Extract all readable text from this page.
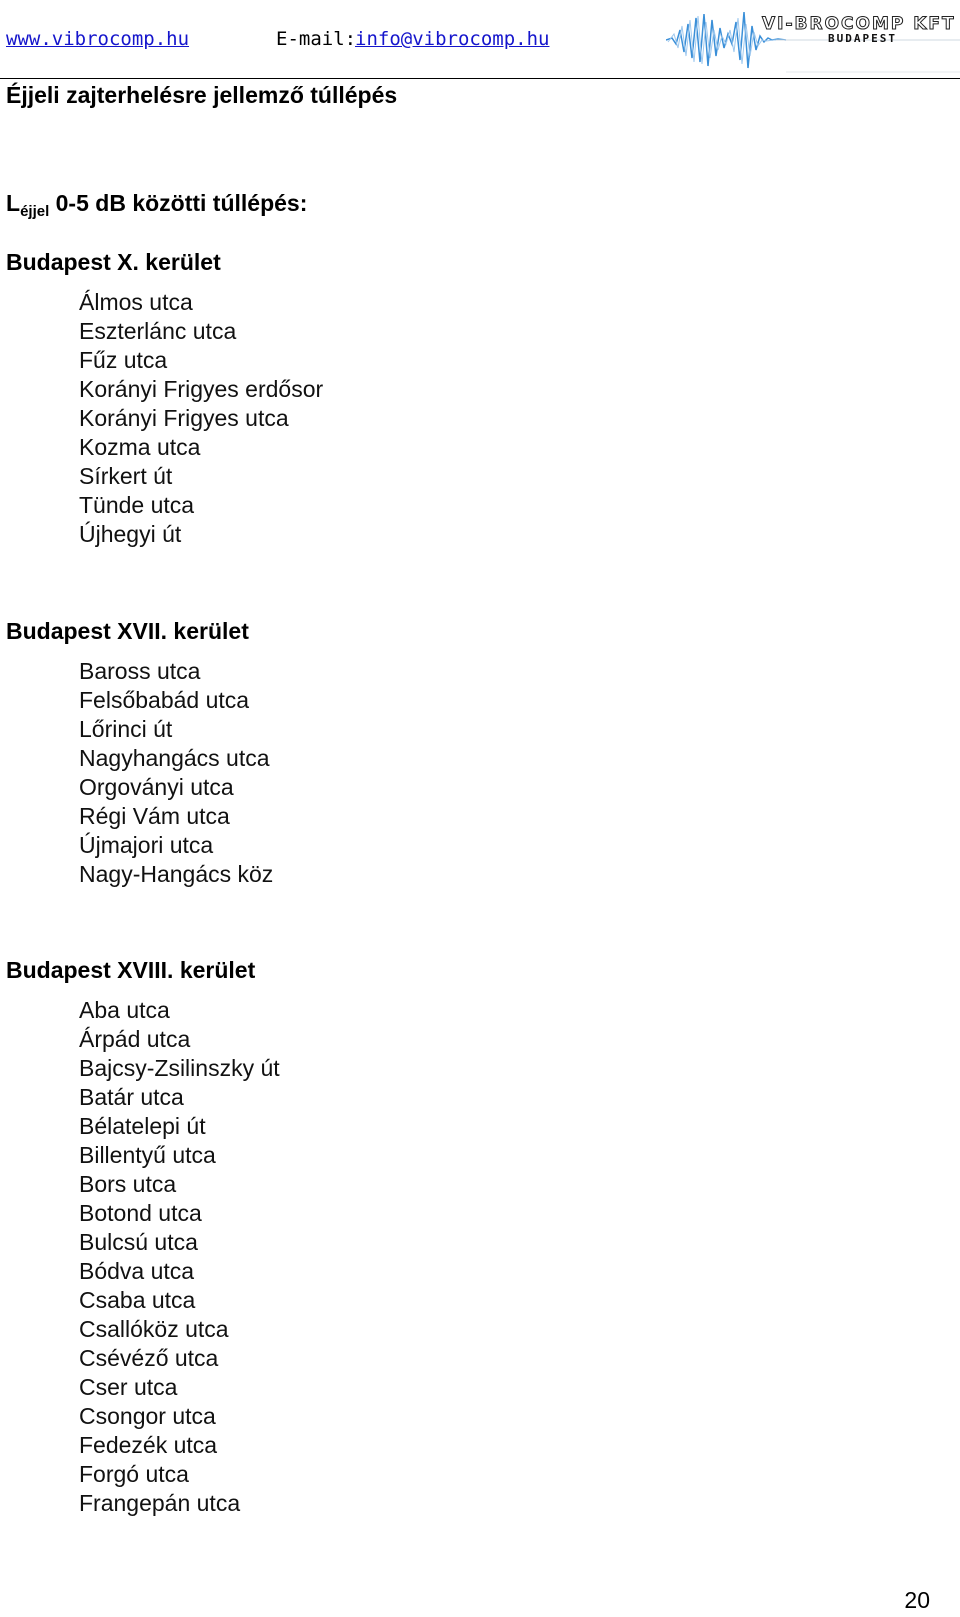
www.vibrocomp.hu	E-mail:
info@vibrocomp.hu
VI-BROCOMP KFT
BUDAPEST
Éjjeli zajterhelésre jellemző túllépés
$L_{éjjel}$ 0-5 dB közötti túllépés:
Budapest X. kerület
Álmos utca
Eszterlánc utca
Fűz utca
Korányi Frigyes erdősor
Korányi Frigyes utca
Kozma utca
Sírkert út
Tünde utca
Újhegyi út
Budapest XVII. kerület
Baross utca
Felsőbabád utca
Lőrinci út
Nagyhangács utca
Orgoványi utca
Régi Vám utca
Újmajori utca
Nagy-Hangács köz
Budapest XVIII. kerület
Aba utca
Árpád utca
Bajcsy-Zsilinszky út
Batár utca
Bélatelepi út
Billentyű utca
Bors utca
Botond utca
Bulcsú utca
Bódva utca
Csaba utca
Csallóköz utca
Csévéző utca
Cser utca
Csongor utca
Fedezék utca
Forgó utca
Frangepán utca
20
